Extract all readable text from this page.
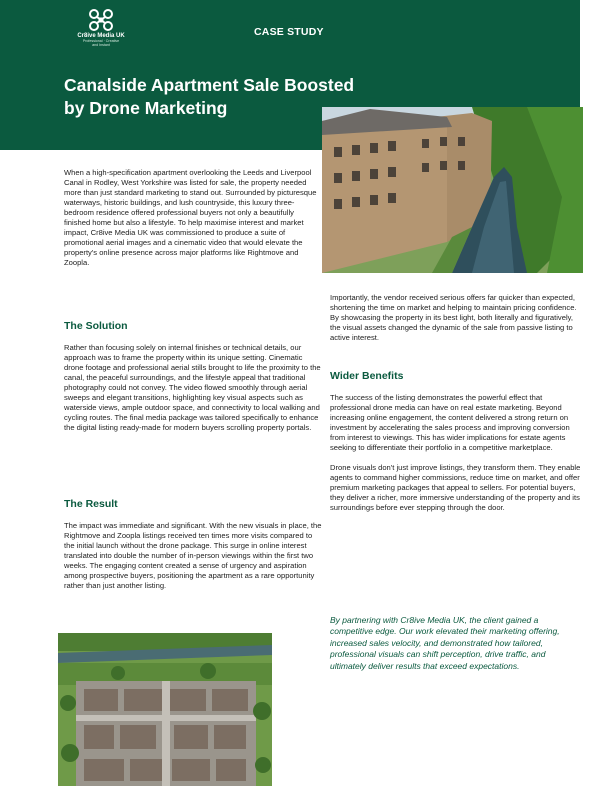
Cr8ive Media UK
Professional · Creative
and Instant
CASE STUDY
Canalside Apartment Sale Boosted by Drone Marketing

When a high-specification apartment overlooking the Leeds and Liverpool Canal in Rodley, West Yorkshire was listed for sale, the property needed more than just standard marketing to stand out. Surrounded by picturesque waterways, historic buildings, and lush countryside, this luxury three-bedroom residence offered professional buyers not only a beautifully finished home but also a lifestyle. To help maximise interest and market impact, Cr8ive Media UK was commissioned to produce a suite of promotional aerial images and a cinematic video that would elevate the property's online presence across major platforms like Rightmove and Zoopla.

The Solution

Rather than focusing solely on internal finishes or technical details, our approach was to frame the property within its unique setting. Cinematic drone footage and professional aerial stills brought to life the proximity to the canal, the peaceful surroundings, and the lifestyle appeal that traditional photography could not convey. The video flowed smoothly through aerial sweeps and elegant transitions, highlighting key visual aspects such as waterside views, ample outdoor space, and connectivity to local walking and cycling routes. The final media package was tailored specifically to enhance the digital listing ready-made for modern buyers scrolling property portals.

The Result

The impact was immediate and significant. With the new visuals in place, the Rightmove and Zoopla listings received ten times more visits compared to the initial launch without the drone package. This surge in online interest translated into double the number of in-person viewings within the first two weeks. The engaging content created a sense of urgency and aspiration among prospective buyers, positioning the apartment as a rare opportunity rather than just another listing.

Importantly, the vendor received serious offers far quicker than expected, shortening the time on market and helping to maintain pricing confidence. By showcasing the property in its best light, both literally and figuratively, the visual assets changed the dynamic of the sale from passive listing to active interest.

Wider Benefits

The success of the listing demonstrates the powerful effect that professional drone media can have on real estate marketing. Beyond increasing online engagement, the content delivered a strong return on investment by accelerating the sales process and improving conversion from interest to viewings. This has wider implications for estate agents seeking to differentiate their portfolio in a competitive marketplace.

Drone visuals don't just improve listings, they transform them. They enable agents to command higher commissions, reduce time on market, and offer premium marketing packages that appeal to sellers. For potential buyers, they deliver a richer, more immersive understanding of the property and its surroundings before ever stepping through the door.

By partnering with Cr8ive Media UK, the client gained a competitive edge. Our work elevated their marketing offering, increased sales velocity, and demonstrated how tailored, professional visuals can shift perception, drive traffic, and ultimately deliver results that exceed expectations.
